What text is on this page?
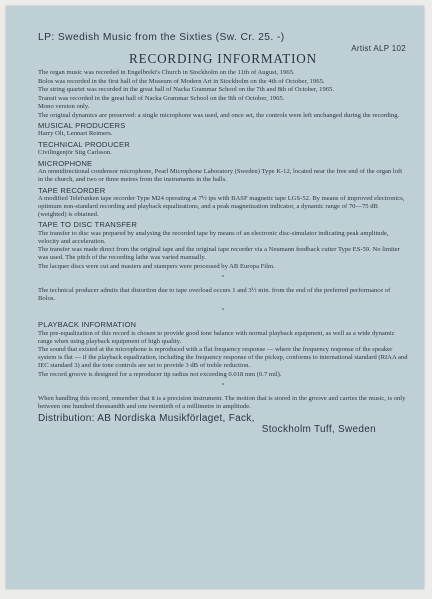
LP: Swedish Music from the Sixties (Sw. Cr. 25. -)
Artist ALP 102
RECORDING INFORMATION

The organ music was recorded in Engelbrekt's Church in Stockholm on the 11th of August, 1965.

Bolos was recorded in the first hall of the Museum of Modern Art in Stockholm on the 4th of October, 1965.

The string quartet was recorded in the great hall of Nacka Grammar School on the 7th and 8th of October, 1965.

Transit was recorded in the great hall of Nacka Grammar School on the 9th of October, 1965.

Mono version only.

The original dynamics are preserved: a single microphone was used, and once set, the controls were left unchanged during the recording.

MUSICAL PRODUCERS

Harry Olt, Lennart Reimers.

TECHNICAL PRODUCER

Civilingenjör Stig Carlsson.

MICROPHONE

An omnidirectional condensor microphone, Pearl Microphone Laboratory (Sweden) Type K-12, located near the free end of the organ loft in the church, and two or three metres from the instruments in the halls.

TAPE RECORDER

A modified Telefunken tape recorder Type M24 operating at 7½ ips with BASF magnetic tape LGS-52. By means of improved electronics, optimum non-standard recording and playback equalizations, and a peak magnetization indicator, a dynamic range of 70—75 dB (weighted) is obtained.

TAPE TO DISC TRANSFER

The transfer to disc was prepared by analysing the recorded tape by means of an electronic disc-simulator indicating peak amplitude, velocity and acceleration.

The transfer was made direct from the original tape and the original tape recorder via a Neumann feedback cutter Type ES-59. No limiter was used. The pitch of the recording lathe was varied manually.

The lacquer discs were cut and masters and stampers were processed by AB Europa Film.

°

The technical producer admits that distortion due to tape overload occurs 1 and 3½ min. from the end of the preferred performance of Bolos.

°
PLAYBACK INFORMATION

The pre-equalization of this record is chosen to provide good tone balance with normal playback equipment, as well as a wide dynamic range when using playback equipment of high quality.

The sound that existed at the microphone is reproduced with a flat frequency response — where the frequency response of the speaker system is flat — if the playback equalization, including the frequency response of the pickup, conforms to international standard (RIAA and IEC standard 3) and the tone controls are set to provide 3 dB of treble reduction.

The record groove is designed for a reproducer tip radius not exceeding 0.018 mm (0.7 mil).

°

When handling this record, remember that it is a precision instrument. The motion that is stored in the groove and carries the music, is only between one hundred thousandth and one twentieth of a millimetre in amplitude.

Distribution: AB Nordiska Musikförlaget, Fack,
Stockholm Tuff, Sweden
